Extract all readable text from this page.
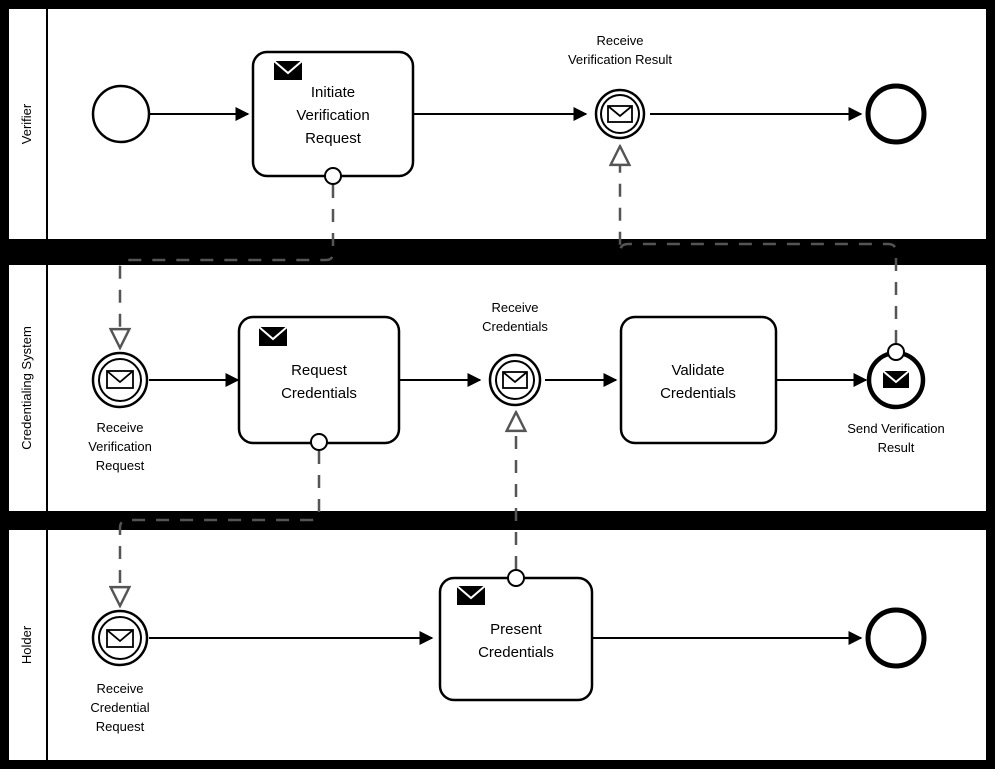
Verifier
Credentialing System
Holder
Initiate
Verification
Request
Receive
Verification Result
Receive
Verification
Request
Request
Credentials
Receive
Credentials
Validate
Credentials
Send Verification
Result
Receive
Credential
Request
Present
Credentials
